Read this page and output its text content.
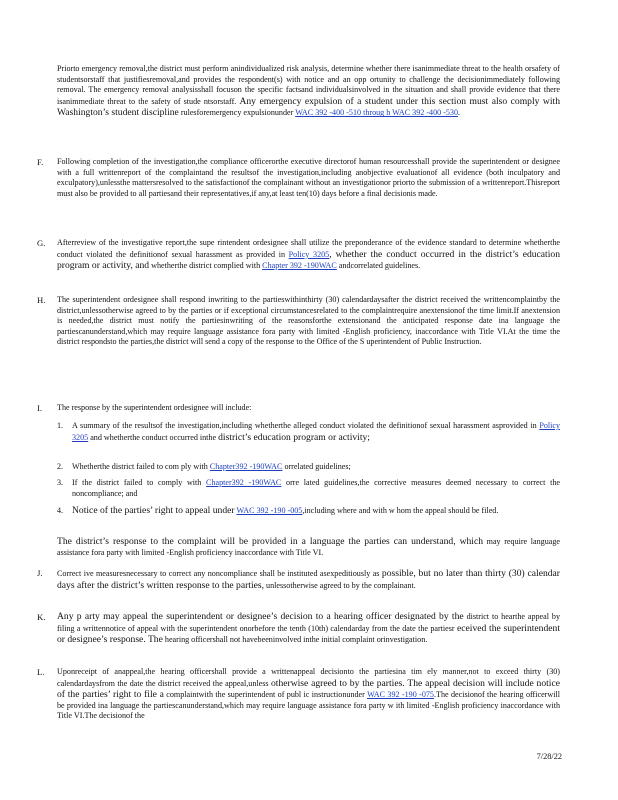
Priorto emergency removal,the district must perform anindividualized risk analysis, determine whether there isanimmediate threat to the health orsafety of studentsorstaff that justifiesremoval,and provides the respondent(s) with notice and an opp ortunity to challenge the decisionimmediately following removal. The emergency removal analysisshall focuson the specific factsand individualsinvolved in the situation and shall provide evidence that there isanimmediate threat to the safety of stude ntsorstaff. Any emergency expulsion of a student under this section must also comply with Washington’s student discipline rulesforemergency expulsionunder WAC 392 -400 -510 throug h WAC 392 -400 -530.
F. Following completion of the investigation,the compliance officerorthe executive directorof human resourcesshall provide the superintendent or designee with a full writtenreport of the complaintand the resultsof the investigation,including anobjective evaluationof all evidence (both inculpatory and exculpatory),unlessthe mattersresolved to the satisfactionof the complainant without an investigationor priorto the submission of a writtenreport.Thisreport must also be provided to all partiesand their representatives,if any,at least ten(10) days before a final decisionis made.
G. Afterreview of the investigative report,the supe rintendent ordesignee shall utilize the preponderance of the evidence standard to determine whetherthe conduct violated the definitionof sexual harassment as provided in Policy 3205, whether the conduct occurred in the district’s education program or activity, and whetherthe district complied with Chapter 392 -190WAC andcorrelated guidelines.
H. The superintendent ordesignee shall respond inwriting to the partieswithinthirty (30) calendardaysafter the district received the writtencomplaintby the district,unlessotherwise agreed to by the parties or if exceptional circumstancesrelated to the complaintrequire anextensionof the time limit.If anextension is needed,the district must notify the partiesinwriting of the reasonsforthe extensionand the anticipated response date ina language the partiescanunderstand,which may require language assistance fora party with limited -English proficiency, inaccordance with Title VI.At the time the district respondsto the parties,the district will send a copy of the response to the Office of the S uperintendent of Public Instruction.
I. The response by the superintendent ordesignee will include:
1. A summary of the resultsof the investigation,including whetherthe alleged conduct violated the definitionof sexual harassment asprovided in Policy 3205 and whetherthe conduct occurred inthe district’s education program or activity;
2. Whetherthe district failed to com ply with Chapter392 -190WAC orrelated guidelines;
3. If the district failed to comply with Chapter392 -190WAC orre lated guidelines,the corrective measures deemed necessary to correct the noncompliance; and
4. Notice of the parties’ right to appeal under WAC 392 -190 -005,including where and with w hom the appeal should be filed.
The district’s response to the complaint will be provided in a language the parties can understand, which may require language assistance fora party with limited -English proficiency inaccordance with Title VI.
J. Correct ive measuresnecessary to correct any noncompliance shall be instituted asexpeditiously as possible, but no later than thirty (30) calendar days after the district’s written response to the parties, unlessotherwise agreed to by the complainant.
K. Any p arty may appeal the superintendent or designee’s decision to a hearing officer designated by the district to hearthe appeal by filing a writtennotice of appeal with the superintendent onorbefore the tenth (10th) calendarday from the date the partiesr eceived the superintendent or designee’s response. The hearing officershall not havebeeninvolved inthe initial complaint orinvestigation.
L. Uponreceipt of anappeal,the hearing officershall provide a writtenappeal decisionto the partiesina tim ely manner,not to exceed thirty (30) calendardaysfrom the date the district received the appeal,unless otherwise agreed to by the parties. The appeal decision will include notice of the parties’ right to file a complaintwith the superintendent of publ ic instructionunder WAC 392 -190 -075.The decisionof the hearing officerwill be provided ina language the partiescanunderstand,which may require language assistance fora party w ith limited -English proficiency inaccordance with Title VI.The decisionof the
7/28/22
